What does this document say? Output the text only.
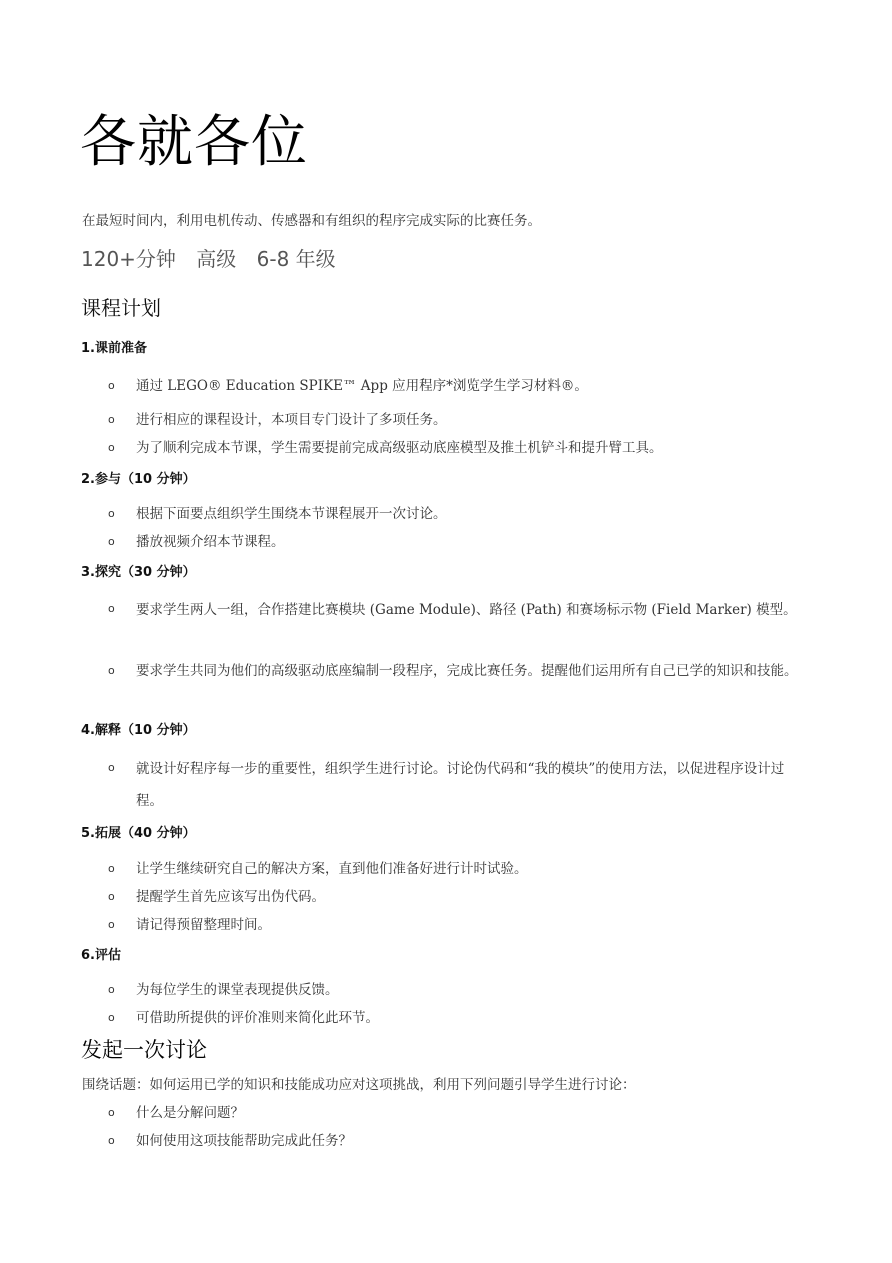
各就各位

在最短时间内，利用电机传动、传感器和有组织的程序完成实际的比赛任务。

120+分钟 高级 6-8 年级

课程计划
1.课前准备
o	通过 LEGO® Education SPIKE™ App 应用程序*浏览学生学习材料®。
o	进行相应的课程设计，本项目专门设计了多项任务。
o	为了顺利完成本节课，学生需要提前完成高级驱动底座模型及推土机铲斗和提升臂工具。
2.参与（10 分钟）
o	根据下面要点组织学生围绕本节课程展开一次讨论。
o	播放视频介绍本节课程。
3.探究（30 分钟）
o	要求学生两人一组，合作搭建比赛模块 (Game Module)、路径 (Path) 和赛场标示物 (Field Marker) 模型。
o	要求学生共同为他们的高级驱动底座编制一段程序，完成比赛任务。提醒他们运用所有自己已学的知识和技能。
4.解释（10 分钟）
o	就设计好程序每一步的重要性，组织学生进行讨论。讨论伪代码和“我的模块”的使用方法，以促进程序设计过程。
5.拓展（40 分钟）
o	让学生继续研究自己的解决方案，直到他们准备好进行计时试验。
o	提醒学生首先应该写出伪代码。
o	请记得预留整理时间。
6.评估
o	为每位学生的课堂表现提供反馈。
o	可借助所提供的评价准则来简化此环节。
发起一次讨论

围绕话题：如何运用已学的知识和技能成功应对这项挑战，利用下列问题引导学生进行讨论：

o	什么是分解问题？
o	如何使用这项技能帮助完成此任务？
